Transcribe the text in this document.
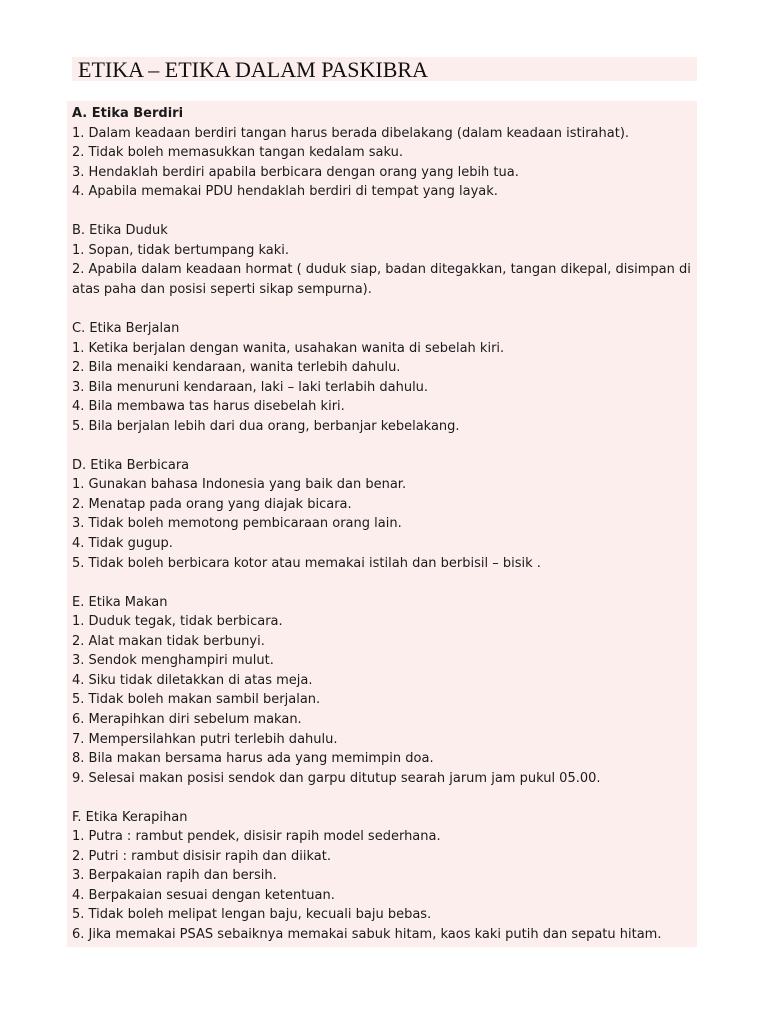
ETIKA – ETIKA DALAM PASKIBRA
A. Etika Berdiri
1. Dalam keadaan berdiri tangan harus berada dibelakang (dalam keadaan istirahat).
2. Tidak boleh memasukkan tangan kedalam saku.
3. Hendaklah berdiri apabila berbicara dengan orang yang lebih tua.
4. Apabila memakai PDU hendaklah berdiri di tempat yang layak.
B. Etika Duduk
1. Sopan, tidak bertumpang kaki.
2. Apabila dalam keadaan hormat ( duduk siap, badan ditegakkan, tangan dikepal, disimpan di atas paha dan posisi seperti sikap sempurna).
C. Etika Berjalan
1. Ketika berjalan dengan wanita, usahakan wanita di sebelah kiri.
2. Bila menaiki kendaraan, wanita terlebih dahulu.
3. Bila menuruni kendaraan, laki – laki terlabih dahulu.
4. Bila membawa tas harus disebelah kiri.
5. Bila berjalan lebih dari dua orang, berbanjar kebelakang.
D. Etika Berbicara
1. Gunakan bahasa Indonesia yang baik dan benar.
2. Menatap pada orang yang diajak bicara.
3. Tidak boleh memotong pembicaraan orang lain.
4. Tidak gugup.
5. Tidak boleh berbicara kotor atau memakai istilah dan berbisil – bisik .
E. Etika Makan
1. Duduk tegak, tidak berbicara.
2. Alat makan tidak berbunyi.
3. Sendok menghampiri mulut.
4. Siku tidak diletakkan di atas meja.
5. Tidak boleh makan sambil berjalan.
6. Merapihkan diri sebelum makan.
7. Mempersilahkan putri terlebih dahulu.
8. Bila makan bersama harus ada yang memimpin doa.
9. Selesai makan posisi sendok dan garpu ditutup searah jarum jam pukul 05.00.
F. Etika Kerapihan
1. Putra : rambut pendek, disisir rapih model sederhana.
2. Putri : rambut disisir rapih dan diikat.
3. Berpakaian rapih dan bersih.
4. Berpakaian sesuai dengan ketentuan.
5. Tidak boleh melipat lengan baju, kecuali baju bebas.
6. Jika memakai PSAS sebaiknya memakai sabuk hitam, kaos kaki putih dan sepatu hitam.
